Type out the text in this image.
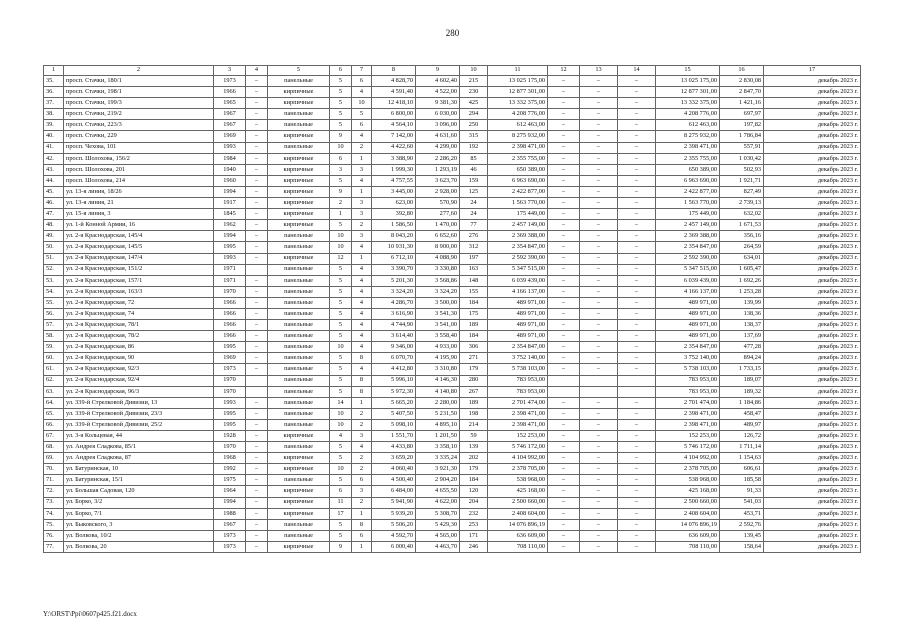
280
1	2	3	4	5	6	7	8	9	10	11	12	13	14	15	16	17
35.	просп. Стачки, 180/1	1973	–	панельные	5	6	4 828,70	4 602,40	215	13 025 175,00	–	–	–	13 025 175,00	2 830,08	декабрь 2023 г.
36.	просп. Стачки, 198/1	1966	–	кирпичные	5	4	4 591,40	4 522,00	230	12 877 301,00	–	–	–	12 877 301,00	2 847,70	декабрь 2023 г.
37.	просп. Стачки, 199/3	1965	–	кирпичные	5	10	12 418,10	9 381,30	425	13 332 375,00	–	–	–	13 332 375,00	1 421,16	декабрь 2023 г.
38.	просп. Стачки, 219/2	1967	–	панельные	5	5	6 800,00	6 030,00	294	4 208 776,00	–	–	–	4 208 776,00	697,97	декабрь 2023 г.
39.	просп. Стачки, 223/3	1967	–	панельные	5	6	4 564,10	3 096,00	250	612 463,00	–	–	–	612 463,00	197,82	декабрь 2023 г.
40.	просп. Стачки, 229	1969	–	кирпичные	9	4	7 142,00	4 631,60	315	8 275 932,00	–	–	–	8 275 932,00	1 786,84	декабрь 2023 г.
41.	просп. Чехова, 101	1993	–	панельные	10	2	4 422,60	4 299,00	192	2 398 471,00	–	–	–	2 398 471,00	557,91	декабрь 2023 г.
42.	просп. Шолохова, 156/2	1984	–	кирпичные	6	1	3 388,90	2 286,20	85	2 355 755,00	–	–	–	2 355 755,00	1 030,42	декабрь 2023 г.
43.	просп. Шолохова, 201	1940	–	кирпичные	3	3	1 999,30	1 293,19	46	650 389,00	–	–	–	650 389,00	502,93	декабрь 2023 г.
44.	просп. Шолохова, 214	1960	–	кирпичные	5	4	4 757,55	3 623,70	159	6 963 690,00	–	–	–	6 963 690,00	1 921,71	декабрь 2023 г.
45.	ул. 13-я линия, 18/26	1994	–	кирпичные	9	1	3 445,00	2 928,00	125	2 422 877,00	–	–	–	2 422 877,00	827,49	декабрь 2023 г.
46.	ул. 13-я линия, 21	1917	–	кирпичные	2	3	623,00	570,90	24	1 563 770,00	–	–	–	1 563 770,00	2 739,13	декабрь 2023 г.
47.	ул. 15-я линия, 3	1845	–	кирпичные	1	3	392,80	277,60	24	175 449,00	–	–	–	175 449,00	632,02	декабрь 2023 г.
48.	ул. 1-й Конной Армии, 16	1962	–	кирпичные	5	2	1 586,50	1 470,00	77	2 457 149,00	–	–	–	2 457 149,00	1 671,53	декабрь 2023 г.
49.	ул. 2-я Краснодарская, 145/4	1994	–	панельные	10	3	8 043,20	6 652,60	276	2 369 388,00	–	–	–	2 369 388,00	356,16	декабрь 2023 г.
50.	ул. 2-я Краснодарская, 145/5	1995	–	панельные	10	4	10 931,30	8 900,00	312	2 354 847,00	–	–	–	2 354 847,00	264,59	декабрь 2023 г.
51.	ул. 2-я Краснодарская, 147/4	1993	–	кирпичные	12	1	6 712,10	4 088,90	197	2 592 390,00	–	–	–	2 592 390,00	634,01	декабрь 2023 г.
52.	ул. 2-я Краснодарская, 151/2	1971		панельные	5	4	3 390,70	3 330,80	163	5 347 515,00	–	–	–	5 347 515,00	1 605,47	декабрь 2023 г.
53.	ул. 2-я Краснодарская, 157/1	1971	–	панельные	5	4	5 201,30	3 568,86	148	6 039 439,00	–	–	–	6 039 439,00	1 692,26	декабрь 2023 г.
54.	ул. 2-я Краснодарская, 163/3	1970	–	панельные	5	4	3 324,20	3 324,20	155	4 166 137,00	–	–	–	4 166 137,00	1 253,28	декабрь 2023 г.
55.	ул. 2-я Краснодарская, 72	1966	–	панельные	5	4	4 286,70	3 500,00	184	489 971,00	–	–	–	489 971,00	139,99	декабрь 2023 г.
56.	ул. 2-я Краснодарская, 74	1966	–	панельные	5	4	3 616,90	3 541,30	175	489 971,00	–	–	–	489 971,00	138,36	декабрь 2023 г.
57.	ул. 2-я Краснодарская, 78/1	1966	–	панельные	5	4	4 744,90	3 541,00	189	489 971,00	–	–	–	489 971,00	138,37	декабрь 2023 г.
58.	ул. 2-я Краснодарская, 78/2	1966	–	панельные	5	4	3 614,40	3 558,40	184	489 971,00	–	–	–	489 971,00	137,69	декабрь 2023 г.
59.	ул. 2-я Краснодарская, 86	1995	–	панельные	10	4	9 346,00	4 933,00	306	2 354 847,00	–	–	–	2 354 847,00	477,28	декабрь 2023 г.
60.	ул. 2-я Краснодарская, 90	1969	–	панельные	5	8	6 070,70	4 195,90	271	3 752 140,00	–	–	–	3 752 140,00	894,24	декабрь 2023 г.
61.	ул. 2-я Краснодарская, 92/3	1973	–	панельные	5	4	4 412,80	3 310,80	179	5 738 103,00	–	–	–	5 738 103,00	1 733,15	декабрь 2023 г.
62.	ул. 2-я Краснодарская, 92/4	1970		панельные	5	8	5 996,10	4 146,30	280	783 953,00				783 953,00	189,07	декабрь 2023 г.
63.	ул. 2-я Краснодарская, 96/3	1970		панельные	5	8	5 972,30	4 140,80	267	783 953,00				783 953,00	189,32	декабрь 2023 г.
64.	ул. 339-й Стрелковой Дивизии, 13	1993	–	панельные	14	1	5 665,20	2 280,00	189	2 701 474,00	–	–	–	2 701 474,00	1 184,86	декабрь 2023 г.
65.	ул. 339-й Стрелковой Дивизии, 23/3	1995	–	панельные	10	2	5 407,50	5 231,50	198	2 398 471,00	–	–	–	2 398 471,00	458,47	декабрь 2023 г.
66.	ул. 339-й Стрелковой Дивизии, 25/2	1995	–	панельные	10	2	5 098,10	4 895,10	214	2 398 471,00	–	–	–	2 398 471,00	489,97	декабрь 2023 г.
67.	ул. 3-я Кольцевая, 44	1928	–	кирпичные	4	3	1 551,70	1 201,50	59	152 253,00	–	–	–	152 253,00	126,72	декабрь 2023 г.
68.	ул. Андрея Сладкова, 85/1	1970	–	панельные	5	4	4 433,80	3 358,10	139	5 746 172,00	–	–	–	5 746 172,00	1 711,14	декабрь 2023 г.
69.	ул. Андрея Сладкова, 87	1968	–	кирпичные	5	2	3 659,20	3 335,24	202	4 104 992,00	–	–	–	4 104 992,00	1 154,63	декабрь 2023 г.
70.	ул. Батуринская, 10	1992	–	кирпичные	10	2	4 060,40	3 921,30	179	2 378 705,00	–	–	–	2 378 705,00	606,61	декабрь 2023 г.
71.	ул. Батуринская, 15/1	1975	–	панельные	5	6	4 500,40	2 904,20	184	538 968,00	–	–	–	538 968,00	185,58	декабрь 2023 г.
72.	ул. Большая Садовая, 120	1964	–	кирпичные	6	3	6 484,00	4 655,50	120	425 168,00	–	–	–	425 168,00	91,33	декабрь 2023 г.
73.	ул. Борко, 3/2	1994	–	кирпичные	11	2	5 941,90	4 622,00	204	2 500 660,00	–	–	–	2 500 660,00	541,03	декабрь 2023 г.
74.	ул. Борко, 7/1	1988	–	кирпичные	17	1	5 939,20	5 308,70	232	2 408 604,00	–	–	–	2 408 604,00	453,71	декабрь 2023 г.
75.	ул. Быковского, 3	1967	–	панельные	5	8	5 506,20	5 429,30	253	14 076 896,19	–	–	–	14 076 896,19	2 592,76	декабрь 2023 г.
76.	ул. Волкова, 10/2	1973	–	панельные	5	6	4 592,70	4 565,00	171	636 609,00	–	–	–	636 609,00	139,45	декабрь 2023 г.
77.	ул. Волкова, 20	1973	–	кирпичные	9	1	6 000,40	4 463,70	246	708 110,00	–	–	–	708 110,00	158,64	декабрь 2023 г.
Y:\ORST\Ppi\0607p425.f21.docx
